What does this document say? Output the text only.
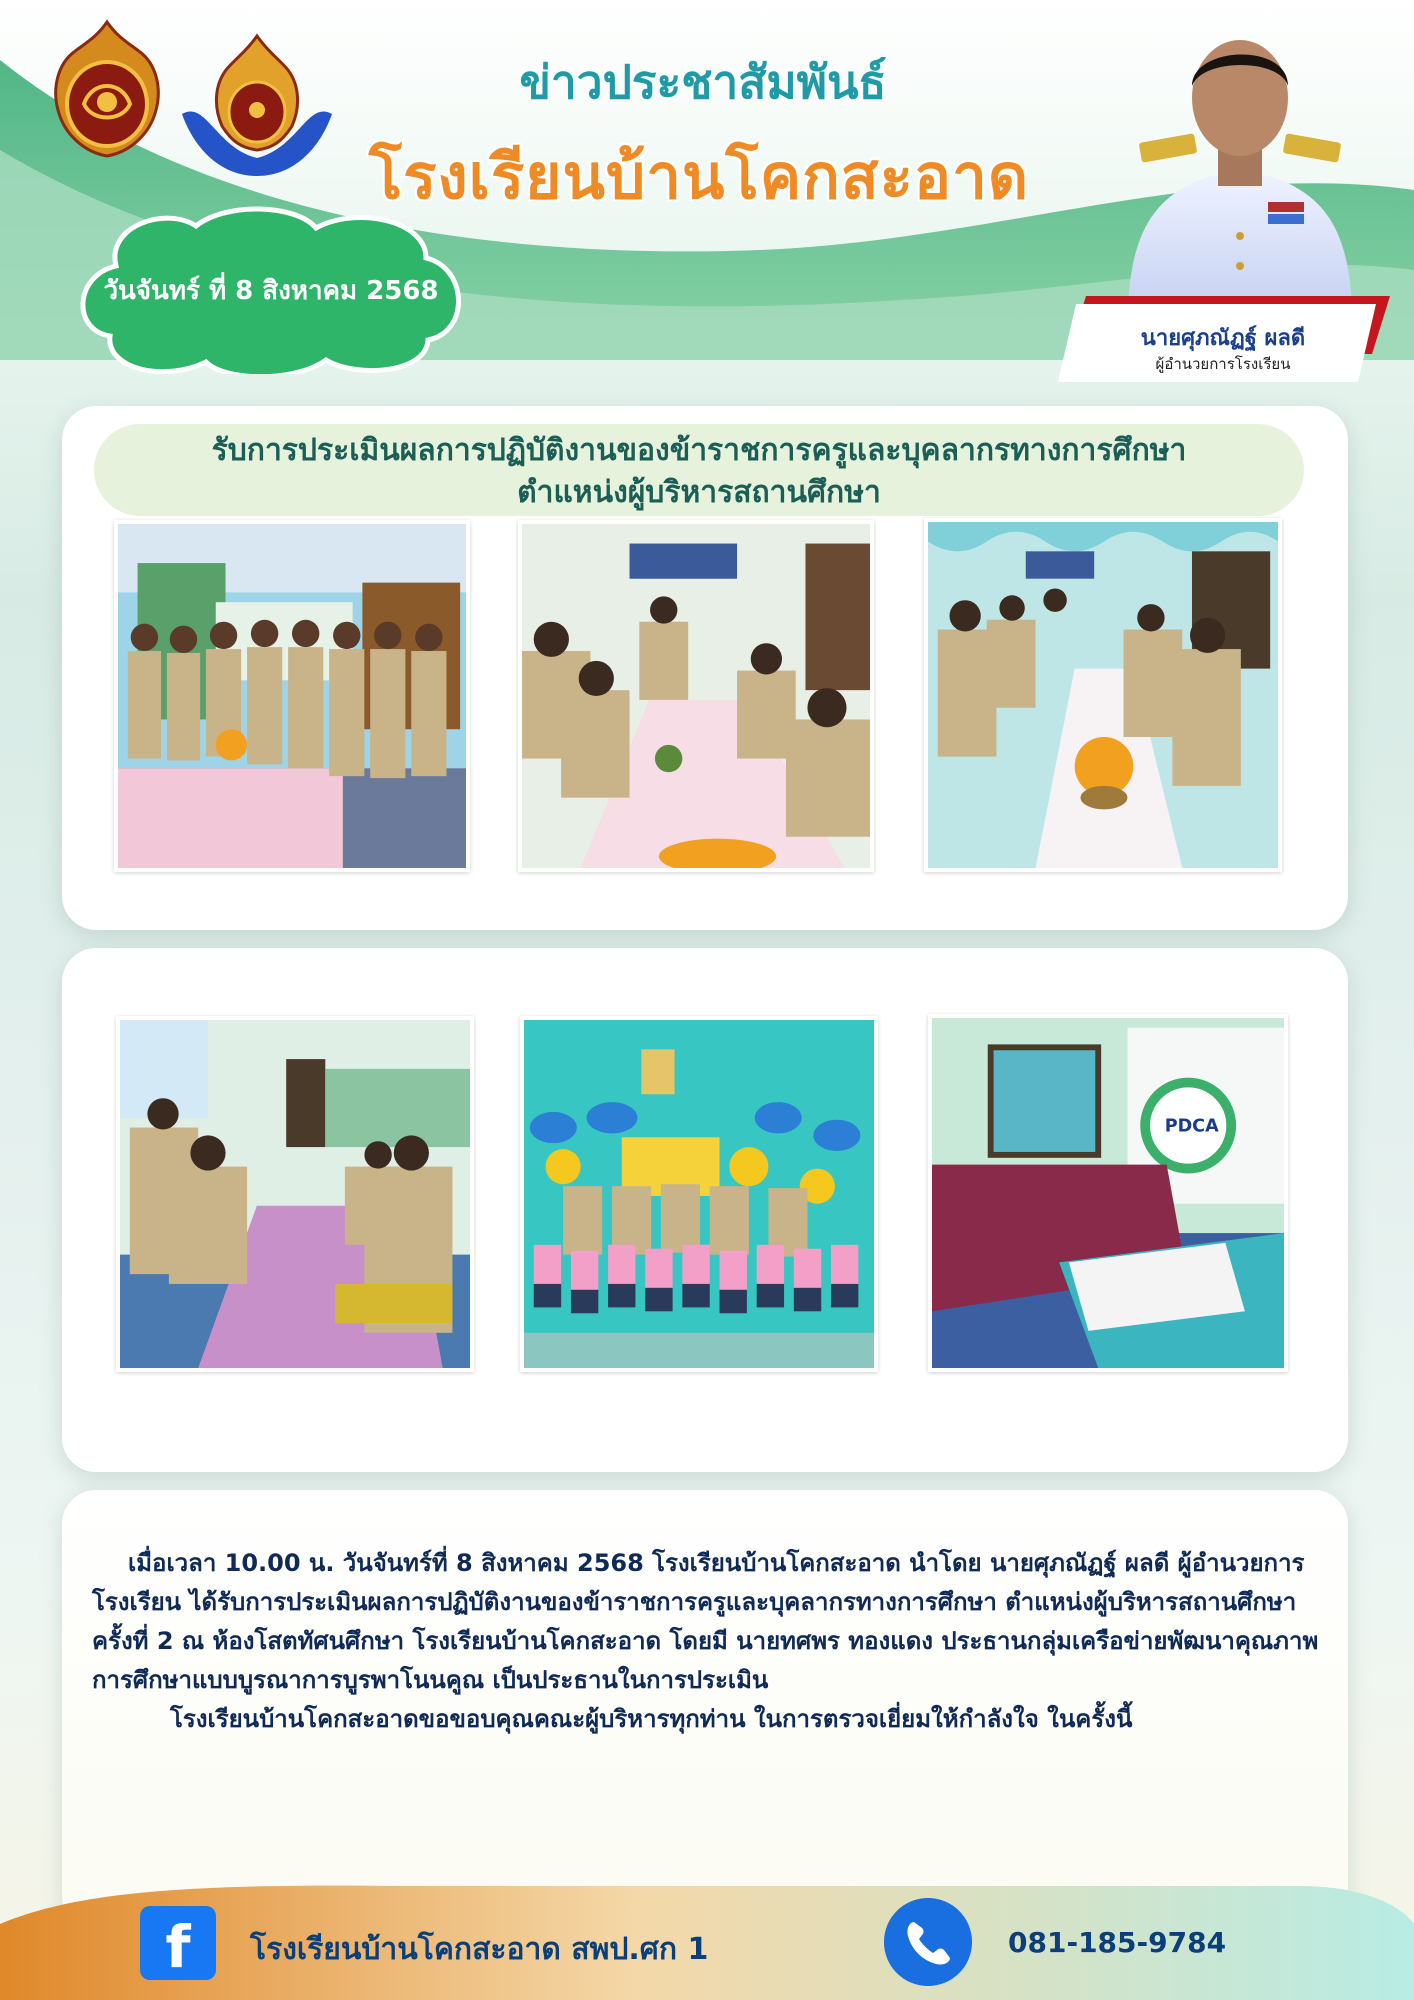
ข่าวประชาสัมพันธ์
โรงเรียนบ้านโคกสะอาด
วันจันทร์ ที่ 8 สิงหาคม 2568
นายศุภณัฏฐ์ ผลดี
ผู้อำนวยการโรงเรียน
รับการประเมินผลการปฏิบัติงานของข้าราชการครูและบุคลากรทางการศึกษา
ตำแหน่งผู้บริหารสถานศึกษา
PDCA

เมื่อเวลา 10.00 น. วันจันทร์ที่ 8 สิงหาคม 2568 โรงเรียนบ้านโคกสะอาด นำโดย นายศุภณัฏฐ์ ผลดี ผู้อำนวยการโรงเรียน ได้รับการประเมินผลการปฏิบัติงานของข้าราชการครูและบุคลากรทางการศึกษา ตำแหน่งผู้บริหารสถานศึกษา ครั้งที่ 2 ณ ห้องโสตทัศนศึกษา โรงเรียนบ้านโคกสะอาด โดยมี นายทศพร ทองแดง ประธานกลุ่มเครือข่ายพัฒนาคุณภาพการศึกษาแบบบูรณาการบูรพาโนนคูณ เป็นประธานในการประเมิน

โรงเรียนบ้านโคกสะอาดขอขอบคุณคณะผู้บริหารทุกท่าน ในการตรวจเยี่ยมให้กำลังใจ ในครั้งนี้

f	โรงเรียนบ้านโคกสะอาด สพป.ศก 1	081-185-9784
